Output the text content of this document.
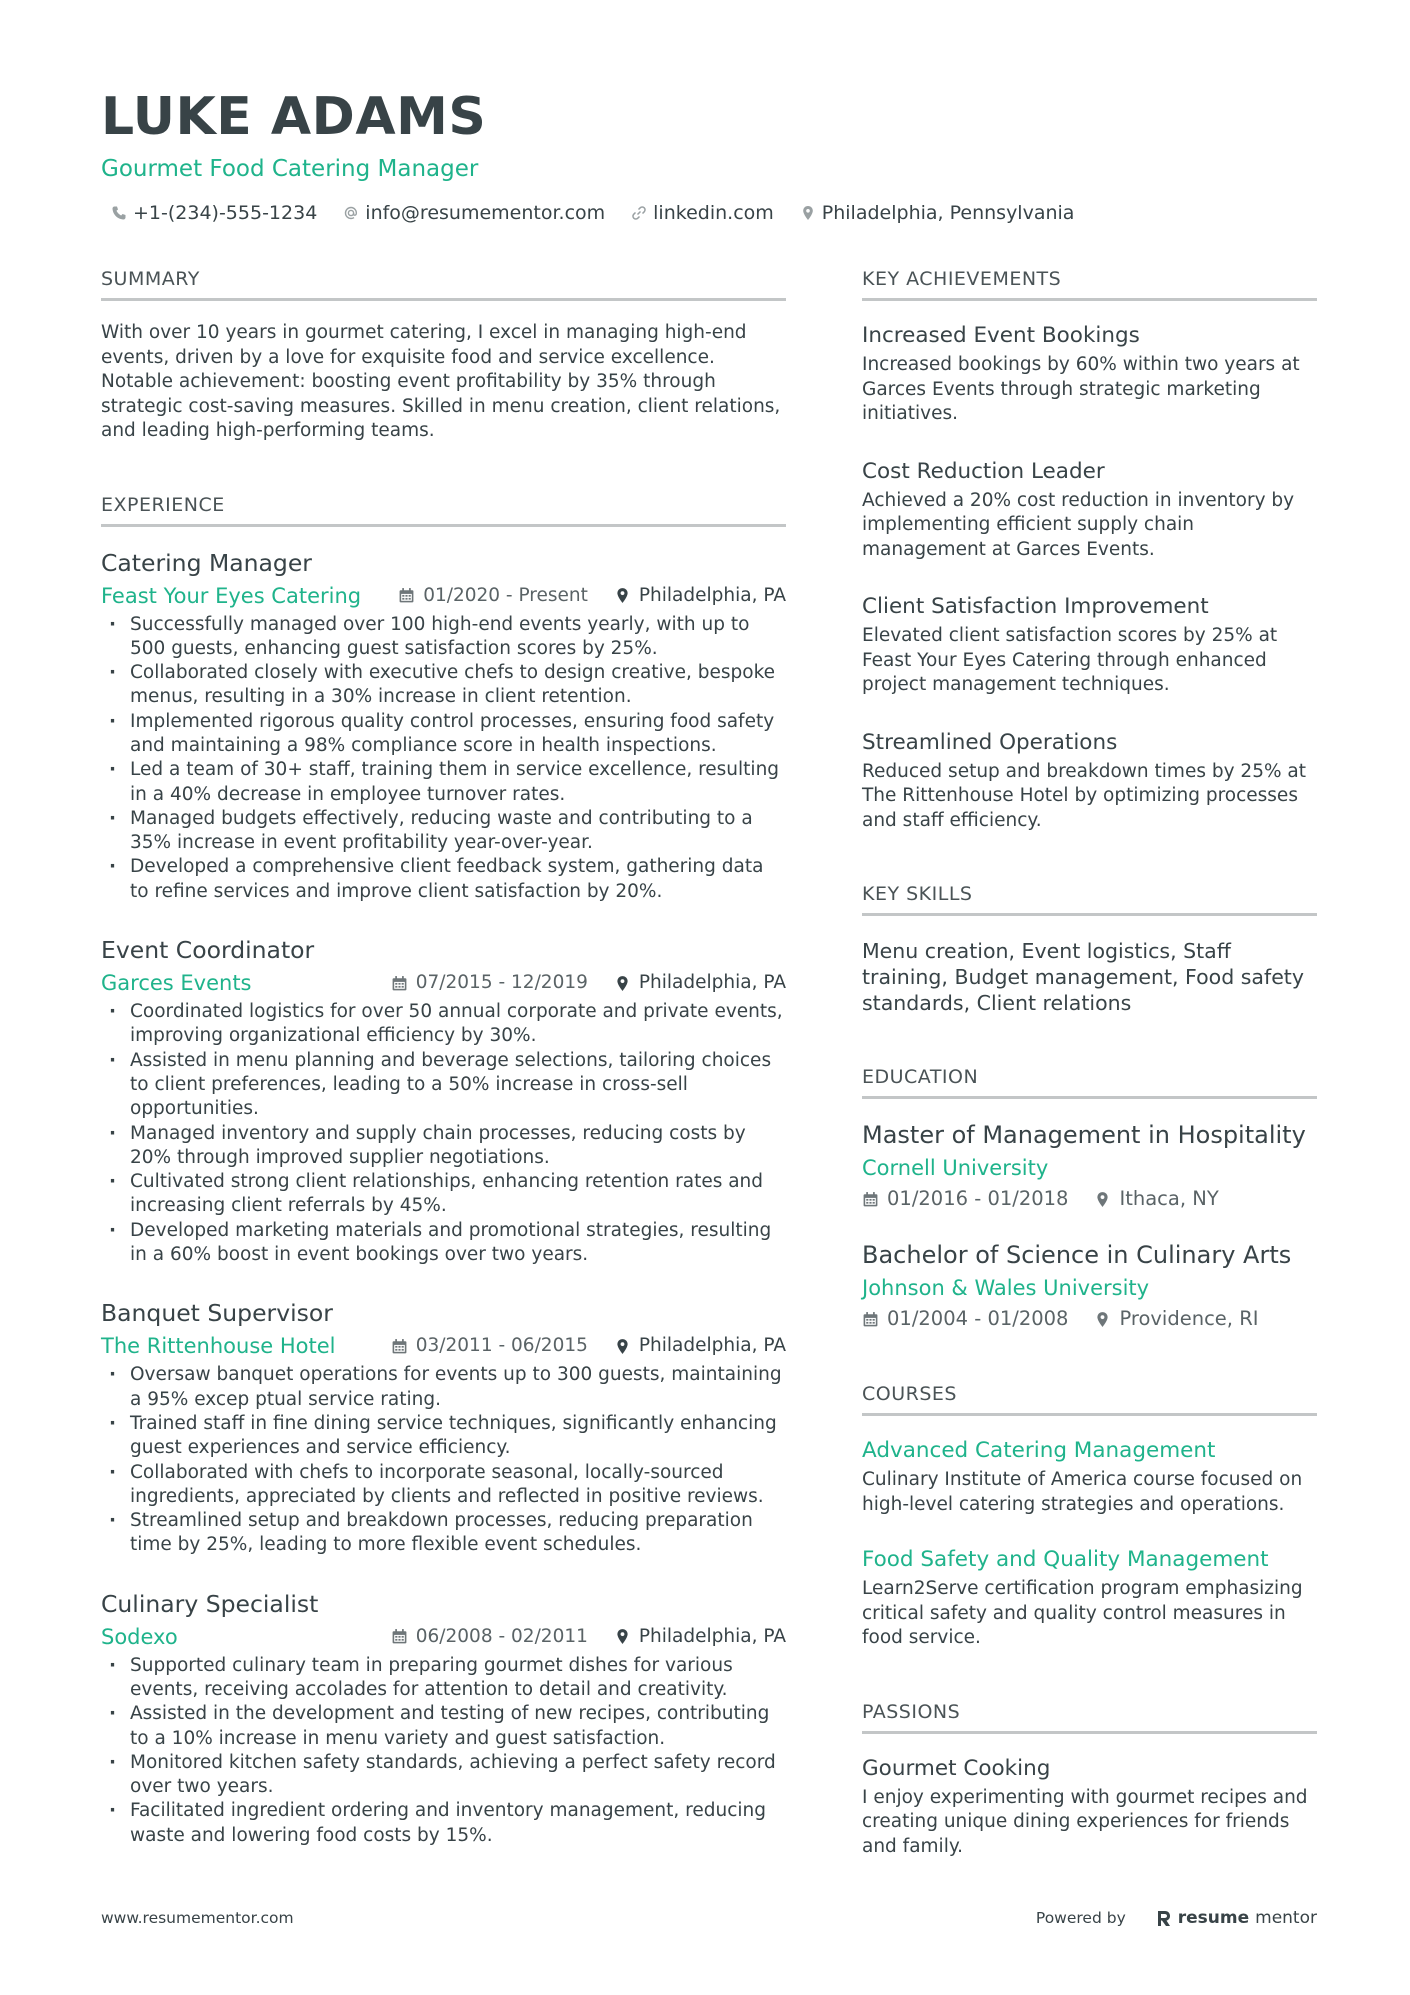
LUKE ADAMS
Gourmet Food Catering Manager
+1-(234)-555-1234	info@resumementor.com	linkedin.com	Philadelphia, Pennsylvania
SUMMARY

With over 10 years in gourmet catering, I excel in managing high-end events, driven by a love for exquisite food and service excellence. Notable achievement: boosting event profitability by 35% through strategic cost-saving measures. Skilled in menu creation, client relations, and leading high-performing teams.

EXPERIENCE
Catering Manager
Feast Your Eyes Catering	01/2020 - Present	Philadelphia, PA
· Successfully managed over 100 high-end events yearly, with up to 500 guests, enhancing guest satisfaction scores by 25%.
· Collaborated closely with executive chefs to design creative, bespoke menus, resulting in a 30% increase in client retention.
· Implemented rigorous quality control processes, ensuring food safety and maintaining a 98% compliance score in health inspections.
· Led a team of 30+ staff, training them in service excellence, resulting in a 40% decrease in employee turnover rates.
· Managed budgets effectively, reducing waste and contributing to a 35% increase in event profitability year-over-year.
· Developed a comprehensive client feedback system, gathering data to refine services and improve client satisfaction by 20%.
Event Coordinator
Garces Events	07/2015 - 12/2019	Philadelphia, PA
· Coordinated logistics for over 50 annual corporate and private events, improving organizational efficiency by 30%.
· Assisted in menu planning and beverage selections, tailoring choices to client preferences, leading to a 50% increase in cross-sell opportunities.
· Managed inventory and supply chain processes, reducing costs by 20% through improved supplier negotiations.
· Cultivated strong client relationships, enhancing retention rates and increasing client referrals by 45%.
· Developed marketing materials and promotional strategies, resulting in a 60% boost in event bookings over two years.
Banquet Supervisor
The Rittenhouse Hotel	03/2011 - 06/2015	Philadelphia, PA
· Oversaw banquet operations for events up to 300 guests, maintaining a 95% excep ptual service rating.
· Trained staff in fine dining service techniques, significantly enhancing guest experiences and service efficiency.
· Collaborated with chefs to incorporate seasonal, locally-sourced ingredients, appreciated by clients and reflected in positive reviews.
· Streamlined setup and breakdown processes, reducing preparation time by 25%, leading to more flexible event schedules.
Culinary Specialist
Sodexo	06/2008 - 02/2011	Philadelphia, PA
· Supported culinary team in preparing gourmet dishes for various events, receiving accolades for attention to detail and creativity.
· Assisted in the development and testing of new recipes, contributing to a 10% increase in menu variety and guest satisfaction.
· Monitored kitchen safety standards, achieving a perfect safety record over two years.
· Facilitated ingredient ordering and inventory management, reducing waste and lowering food costs by 15%.
KEY ACHIEVEMENTS
Increased Event Bookings

Increased bookings by 60% within two years at Garces Events through strategic marketing initiatives.

Cost Reduction Leader

Achieved a 20% cost reduction in inventory by implementing efficient supply chain management at Garces Events.

Client Satisfaction Improvement

Elevated client satisfaction scores by 25% at Feast Your Eyes Catering through enhanced project management techniques.

Streamlined Operations

Reduced setup and breakdown times by 25% at The Rittenhouse Hotel by optimizing processes and staff efficiency.

KEY SKILLS

Menu creation, Event logistics, Staff training, Budget management, Food safety standards, Client relations

EDUCATION
Master of Management in Hospitality
Cornell University
01/2016 - 01/2018	Ithaca, NY
Bachelor of Science in Culinary Arts
Johnson & Wales University
01/2004 - 01/2008	Providence, RI
COURSES
Advanced Catering Management

Culinary Institute of America course focused on high-level catering strategies and operations.

Food Safety and Quality Management

Learn2Serve certification program emphasizing critical safety and quality control measures in food service.

PASSIONS
Gourmet Cooking

I enjoy experimenting with gourmet recipes and creating unique dining experiences for friends and family.

www.resumementor.com	Powered by	resume mentor
